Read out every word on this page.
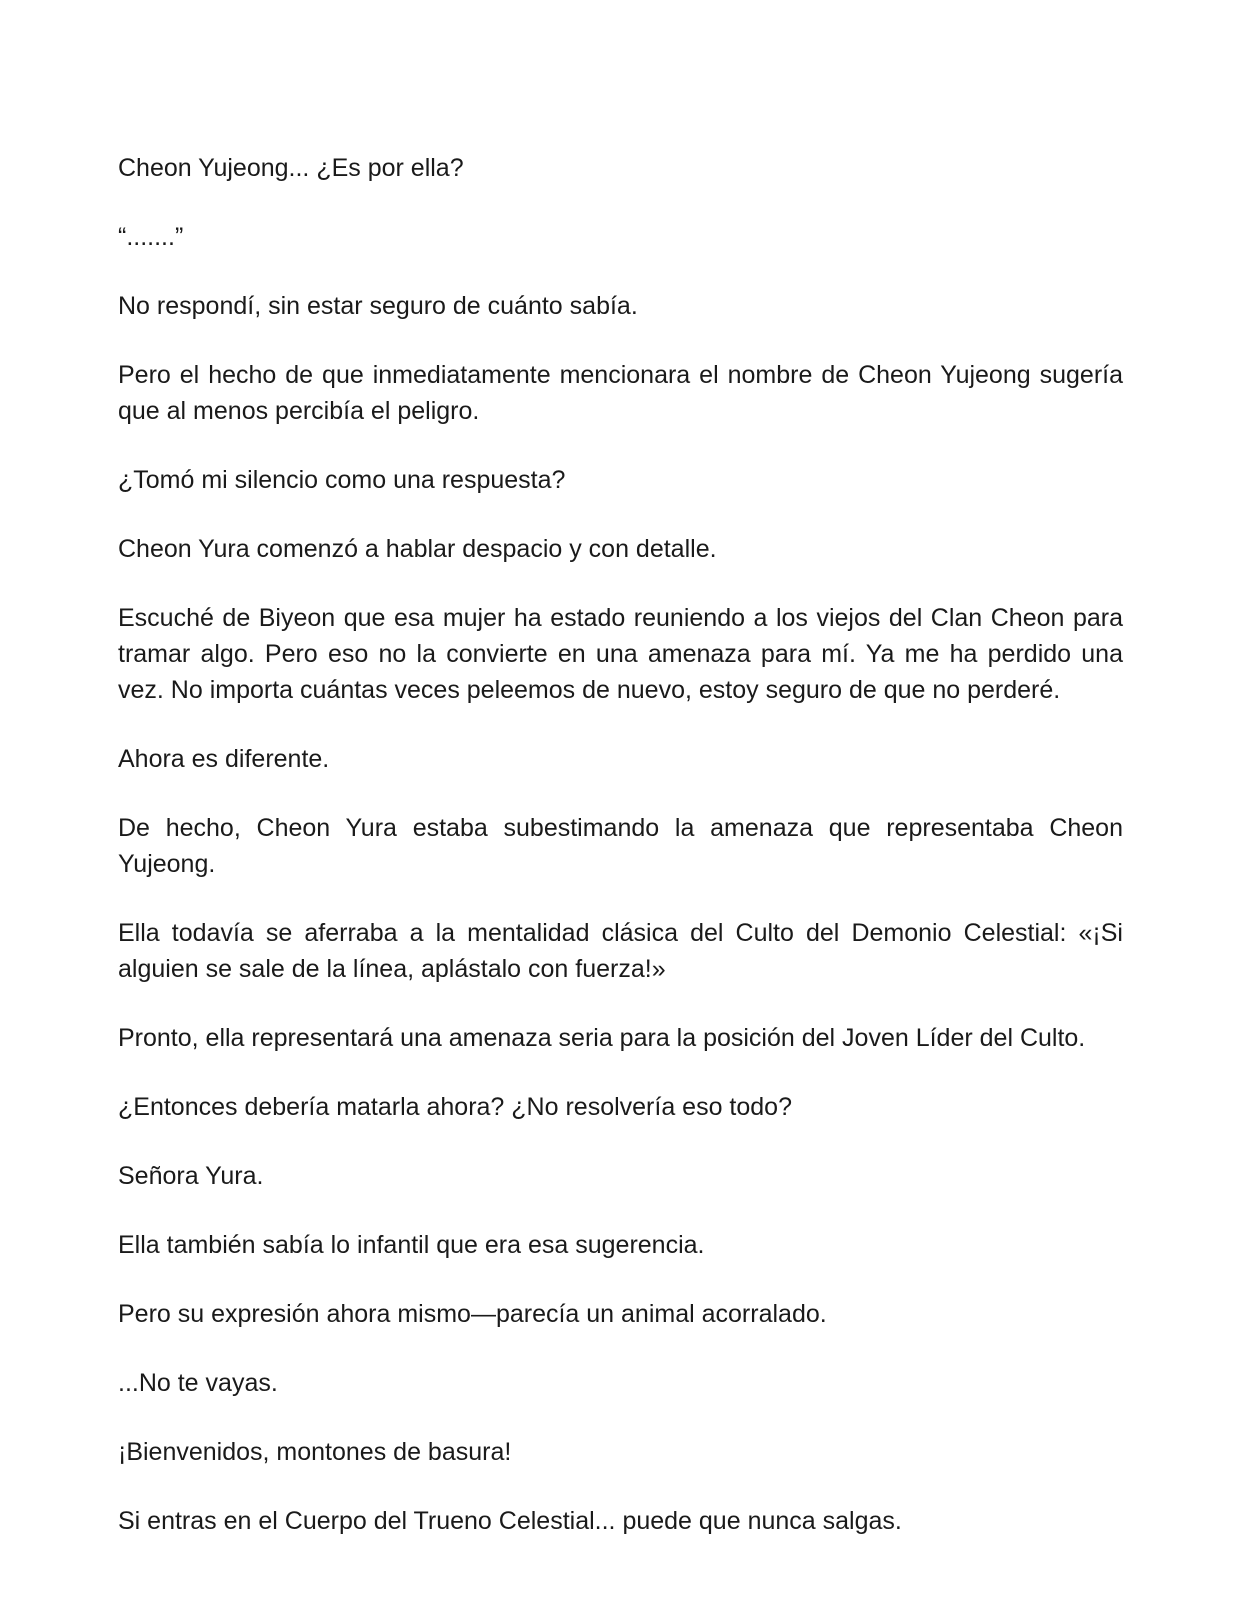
Cheon Yujeong... ¿Es por ella?

“.......”

No respondí, sin estar seguro de cuánto sabía.

Pero el hecho de que inmediatamente mencionara el nombre de Cheon Yujeong sugería que al menos percibía el peligro.

¿Tomó mi silencio como una respuesta?

Cheon Yura comenzó a hablar despacio y con detalle.

Escuché de Biyeon que esa mujer ha estado reuniendo a los viejos del Clan Cheon para tramar algo. Pero eso no la convierte en una amenaza para mí. Ya me ha perdido una vez. No importa cuántas veces peleemos de nuevo, estoy seguro de que no perderé.

Ahora es diferente.

De hecho, Cheon Yura estaba subestimando la amenaza que representaba Cheon Yujeong.

Ella todavía se aferraba a la mentalidad clásica del Culto del Demonio Celestial: «¡Si alguien se sale de la línea, aplástalo con fuerza!»

Pronto, ella representará una amenaza seria para la posición del Joven Líder del Culto.

¿Entonces debería matarla ahora? ¿No resolvería eso todo?

Señora Yura.

Ella también sabía lo infantil que era esa sugerencia.

Pero su expresión ahora mismo—parecía un animal acorralado.

...No te vayas.

¡Bienvenidos, montones de basura!

Si entras en el Cuerpo del Trueno Celestial... puede que nunca salgas.
